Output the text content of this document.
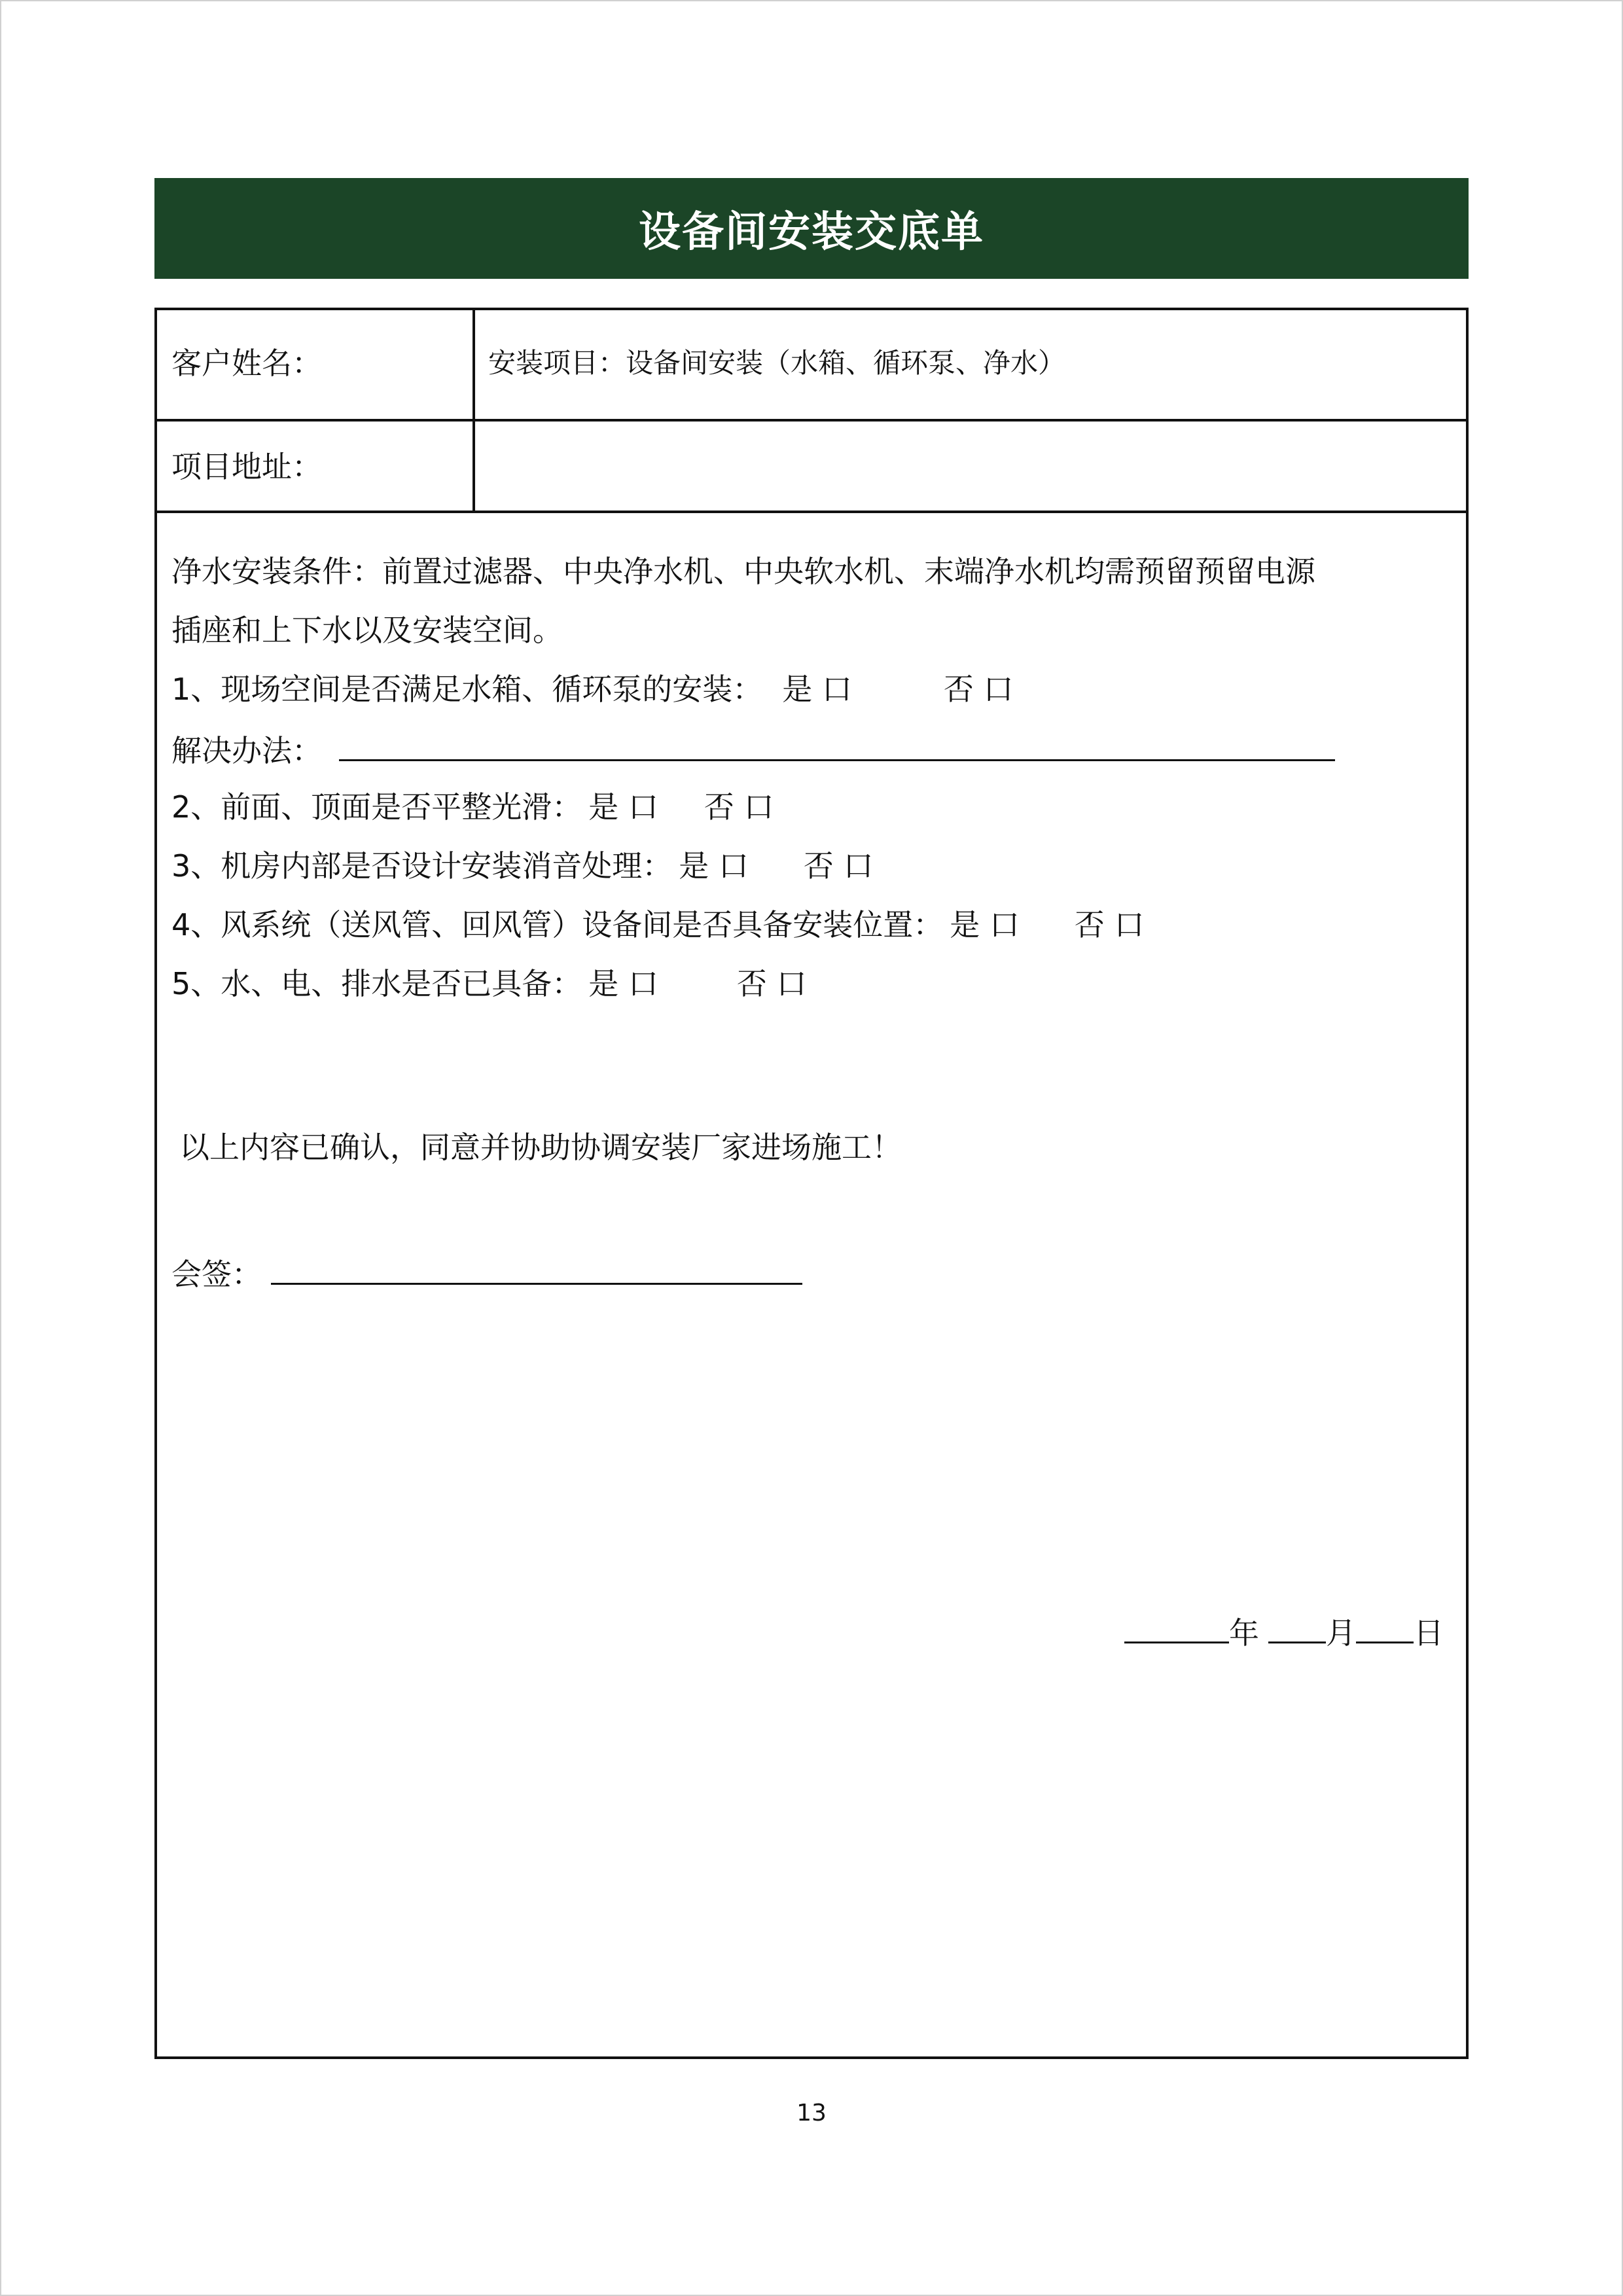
设备间安装交底单
客户姓名：	安装项目：设备间安装（水箱、循环泵、净水）
项目地址：
净水安装条件：前置过滤器、中央净水机、中央软水机、末端净水机均需预留预留电源
插座和上下水以及安装空间。
1、现场空间是否满足水箱、循环泵的安装： 是 口	否 口
解决办法：
2、前面、顶面是否平整光滑： 是 口 否 口
3、机房内部是否设计安装消音处理： 是 口 否 口
4、风系统（送风管、回风管）设备间是否具备安装位置： 是 口 否 口
5、水、电、排水是否已具备： 是 口	否 口
以上内容已确认，同意并协助协调安装厂家进场施工！
会签：
年 月 日
13
